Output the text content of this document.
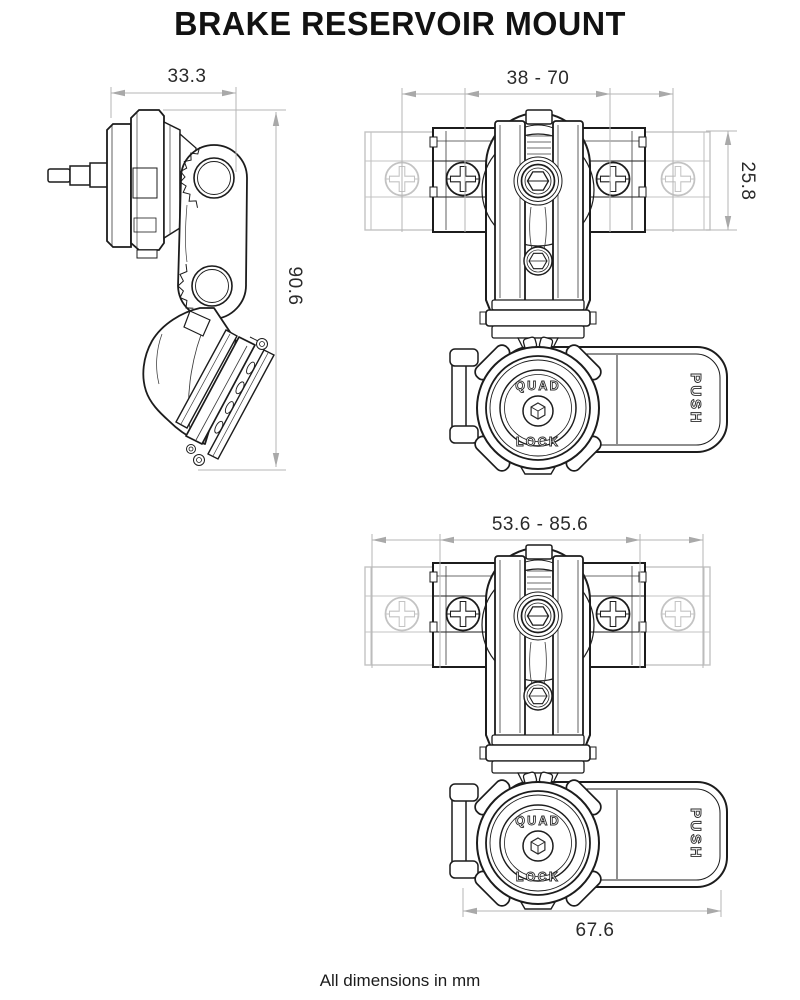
BRAKE RESERVOIR MOUNT
33.3
90.6
38 - 70
25.8
53.6 - 85.6
67.6
All dimensions in mm
